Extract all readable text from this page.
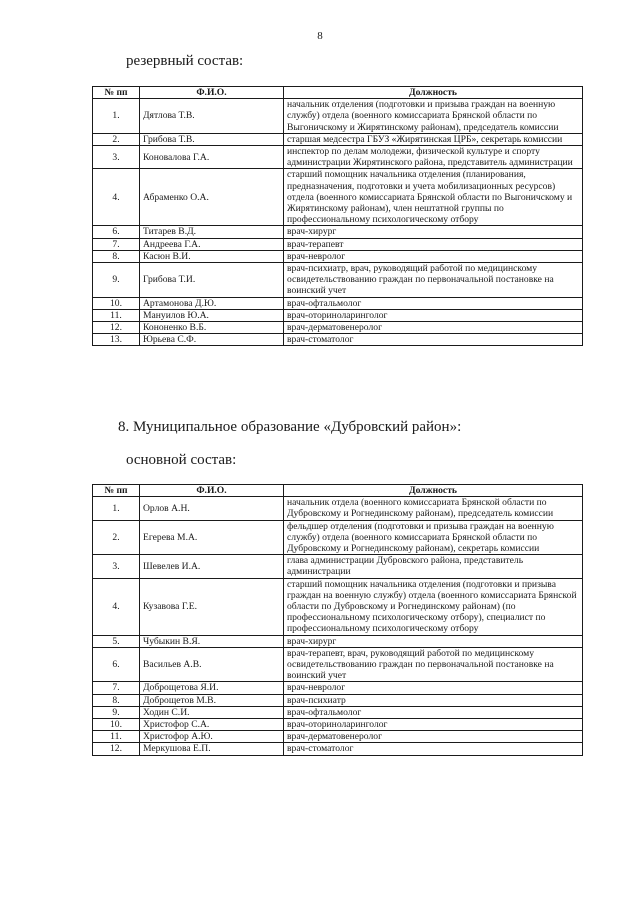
8
резервный состав:
№ пп	Ф.И.О.	Должность
1.	Дятлова Т.В.	начальник отделения (подготовки и призыва граждан на военную службу) отдела (военного комиссариата Брянской области по Выгоничскому и Жирятинскому районам), председатель комиссии
2.	Грибова Т.В.	старшая медсестра ГБУЗ «Жирятинская ЦРБ», секретарь комиссии
3.	Коновалова Г.А.	инспектор по делам молодежи, физической культуре и спорту администрации Жирятинского района, представитель администрации
4.	Абраменко О.А.	старший помощник начальника отделения (планирования, предназначения, подготовки и учета мобилизационных ресурсов) отдела (военного комиссариата Брянской области по Выгоничскому и Жирятинскому районам), член нештатной группы по профессиональному психологическому отбору
6.	Титарев В.Д.	врач-хирург
7.	Андреева Г.А.	врач-терапевт
8.	Касюн В.И.	врач-невролог
9.	Грибова Т.И.	врач-психиатр, врач, руководящий работой по медицинскому освидетельствованию граждан по первоначальной постановке на воинский учет
10.	Артамонова Д.Ю.	врач-офтальмолог
11.	Мануилов Ю.А.	врач-оториноларинголог
12.	Кононенко В.Б.	врач-дерматовенеролог
13.	Юрьева С.Ф.	врач-стоматолог
8. Муниципальное образование «Дубровский район»:
основной состав:
№ пп	Ф.И.О.	Должность
1.	Орлов А.Н.	начальник отдела (военного комиссариата Брянской области по Дубровскому и Рогнединскому районам), председатель комиссии
2.	Егерева М.А.	фельдшер отделения (подготовки и призыва граждан на военную службу) отдела (военного комиссариата Брянской области по Дубровскому и Рогнединскому районам), секретарь комиссии
3.	Шевелев И.А.	глава администрации Дубровского района, представитель администрации
4.	Кузавова Г.Е.	старший помощник начальника отделения (подготовки и призыва граждан на военную службу) отдела (военного комиссариата Брянской области по Дубровскому и Рогнединскому районам) (по профессиональному психологическому отбору), специалист по профессиональному психологическому отбору
5.	Чубыкин В.Я.	врач-хирург
6.	Васильев А.В.	врач-терапевт, врач, руководящий работой по медицинскому освидетельствованию граждан по первоначальной постановке на воинский учет
7.	Доброщетова Я.И.	врач-невролог
8.	Доброщетов М.В.	врач-психиатр
9.	Ходин С.И.	врач-офтальмолог
10.	Христофор С.А.	врач-оториноларинголог
11.	Христофор А.Ю.	врач-дерматовенеролог
12.	Меркушова Е.П.	врач-стоматолог
